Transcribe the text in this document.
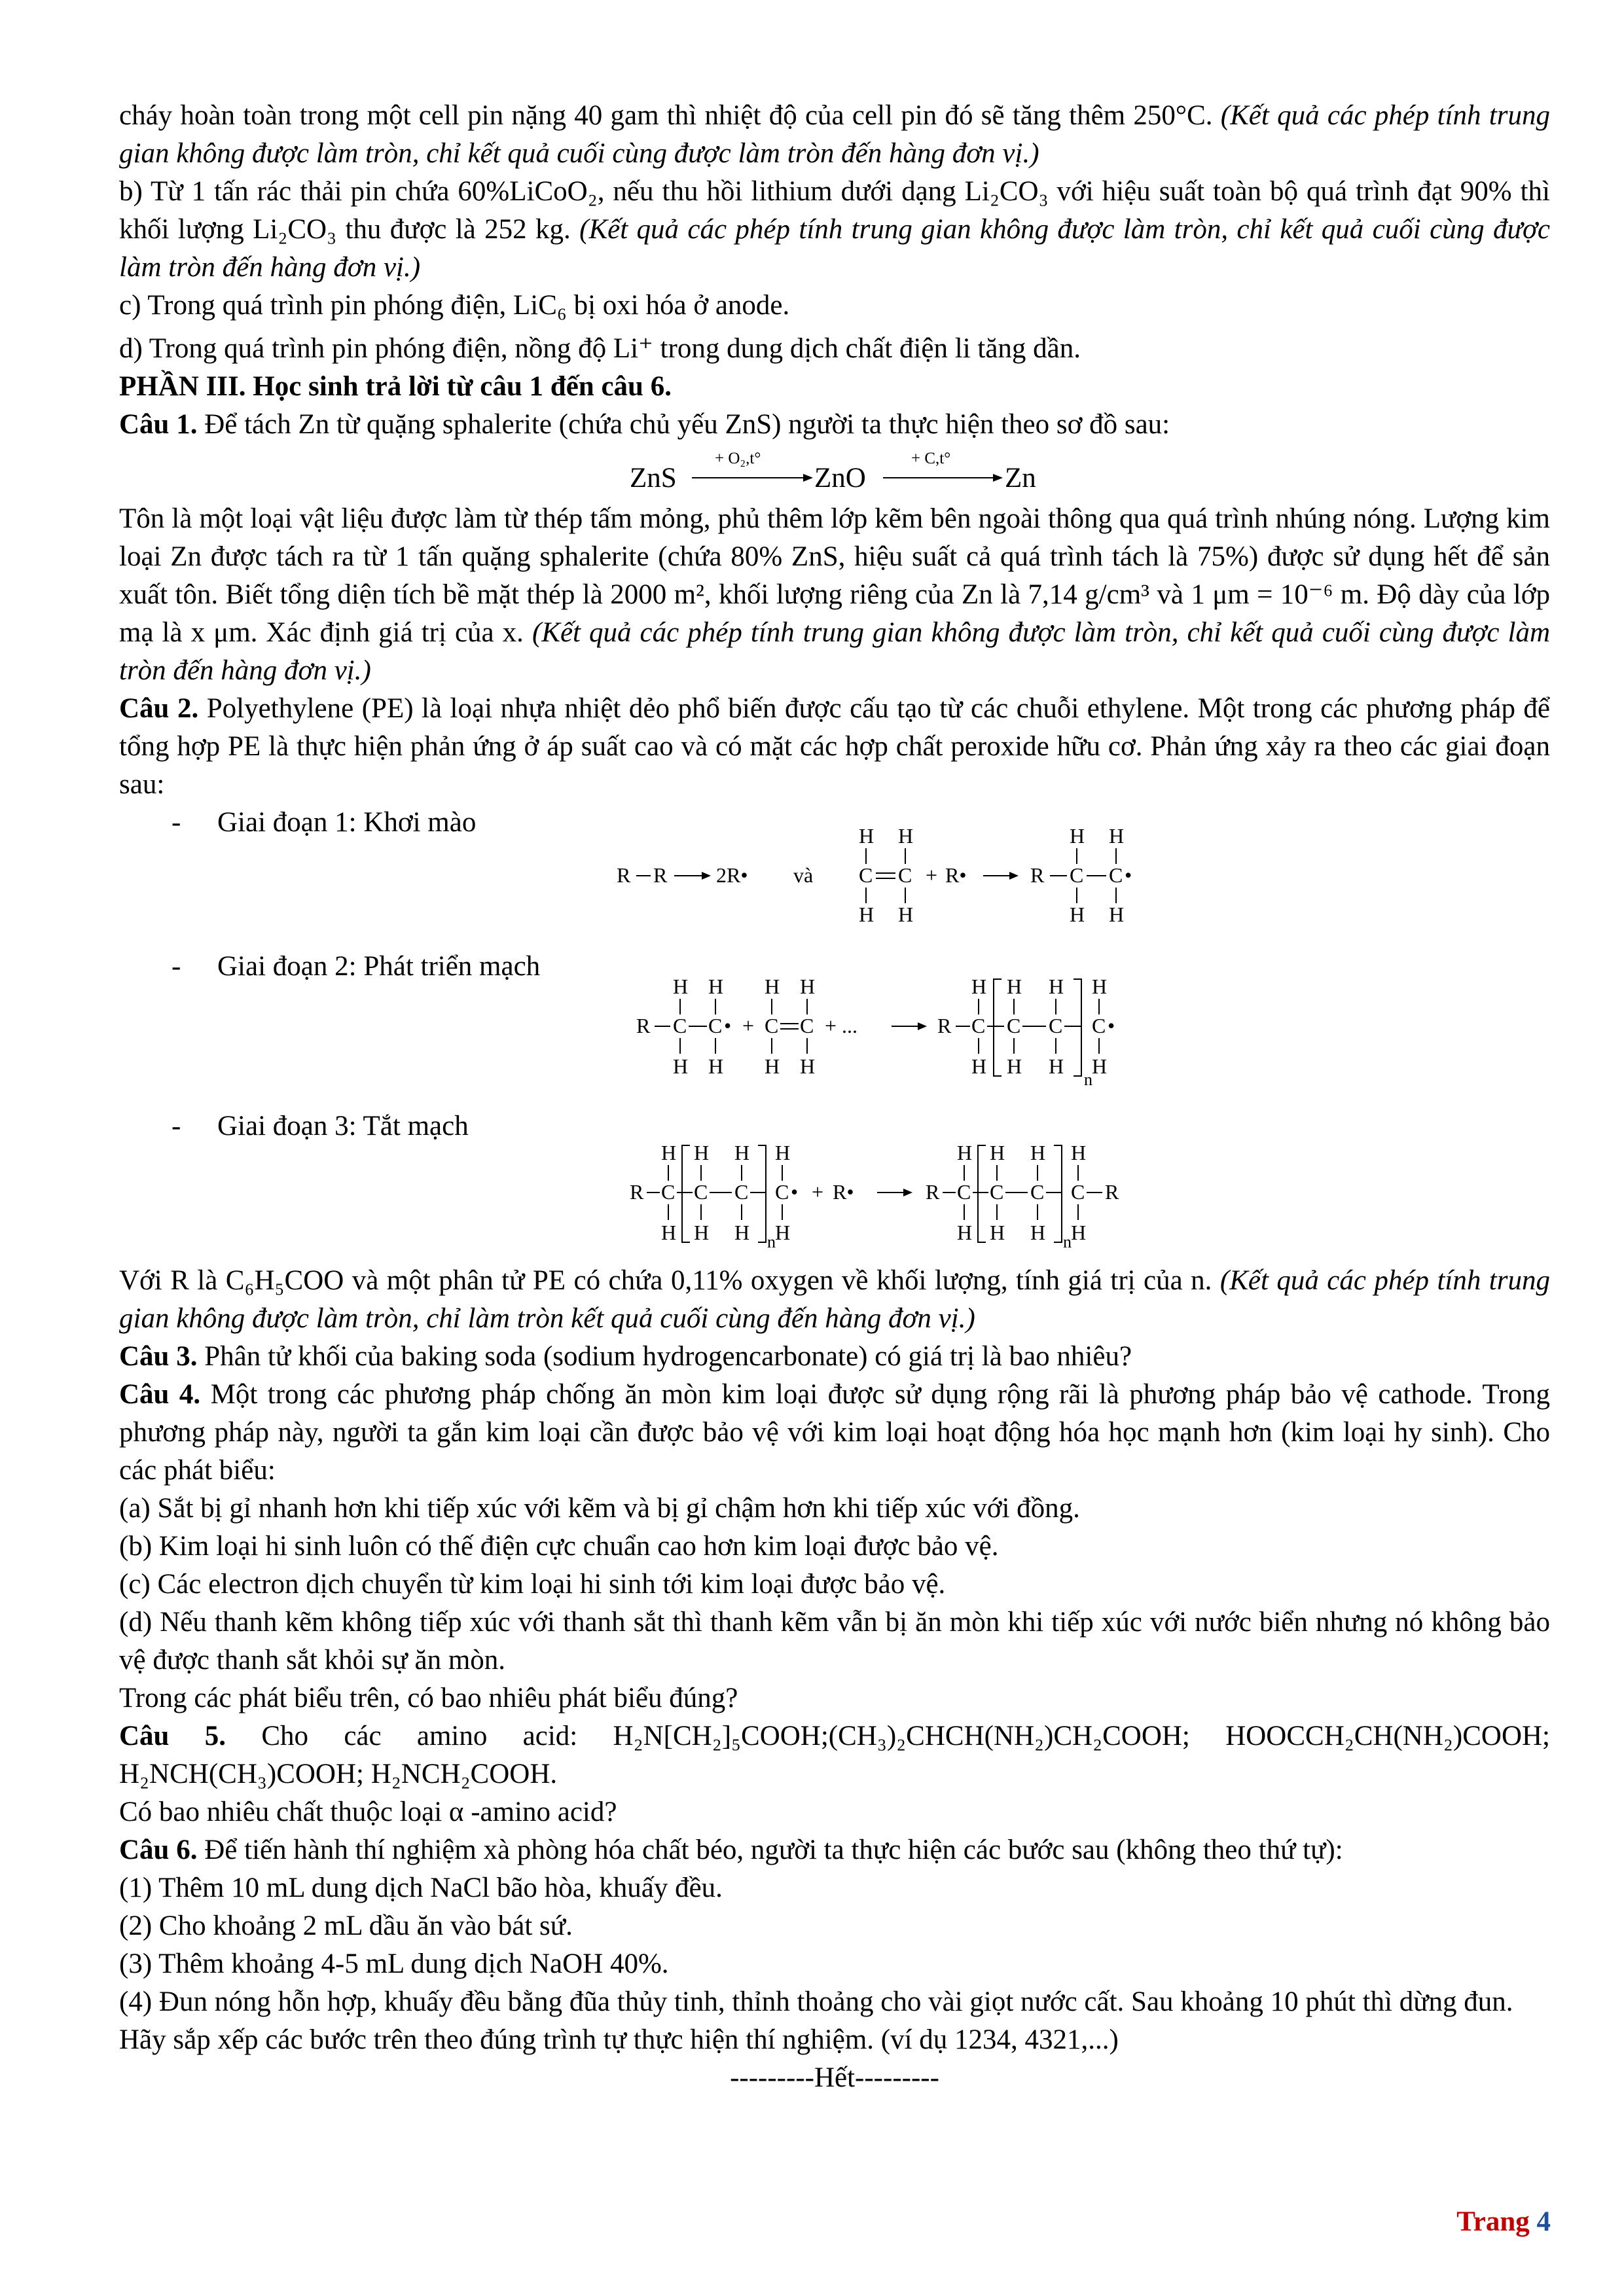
cháy hoàn toàn trong một cell pin nặng 40 gam thì nhiệt độ của cell pin đó sẽ tăng thêm 250°C. (Kết quả các phép tính trung gian không được làm tròn, chỉ kết quả cuối cùng được làm tròn đến hàng đơn vị.)

b) Từ 1 tấn rác thải pin chứa 60%LiCoO₂, nếu thu hồi lithium dưới dạng Li₂CO₃ với hiệu suất toàn bộ quá trình đạt 90% thì khối lượng Li₂CO₃ thu được là 252 kg. (Kết quả các phép tính trung gian không được làm tròn, chỉ kết quả cuối cùng được làm tròn đến hàng đơn vị.)

c) Trong quá trình pin phóng điện, LiC₆ bị oxi hóa ở anode.

d) Trong quá trình pin phóng điện, nồng độ Li⁺ trong dung dịch chất điện li tăng dần.

PHẦN III. Học sinh trả lời từ câu 1 đến câu 6.

Câu 1. Để tách Zn từ quặng sphalerite (chứa chủ yếu ZnS) người ta thực hiện theo sơ đồ sau:

ZnS
+ O₂,t°
ZnO
+ C,t°
Zn

Tôn là một loại vật liệu được làm từ thép tấm mỏng, phủ thêm lớp kẽm bên ngoài thông qua quá trình nhúng nóng. Lượng kim loại Zn được tách ra từ 1 tấn quặng sphalerite (chứa 80% ZnS, hiệu suất cả quá trình tách là 75%) được sử dụng hết để sản xuất tôn. Biết tổng diện tích bề mặt thép là 2000 m², khối lượng riêng của Zn là 7,14 g/cm³ và 1 μm = 10⁻⁶ m. Độ dày của lớp mạ là x μm. Xác định giá trị của x. (Kết quả các phép tính trung gian không được làm tròn, chỉ kết quả cuối cùng được làm tròn đến hàng đơn vị.)

Câu 2. Polyethylene (PE) là loại nhựa nhiệt dẻo phổ biến được cấu tạo từ các chuỗi ethylene. Một trong các phương pháp để tổng hợp PE là thực hiện phản ứng ở áp suất cao và có mặt các hợp chất peroxide hữu cơ. Phản ứng xảy ra theo các giai đoạn sau:

-	Giai đoạn 1: Khơi mào
R R 2R• và
H H
C C
H H
+ R•	R
H H
C C •
H H
-	Giai đoạn 2: Phát triển mạch
R
H H
C C •
H H
+
H H
C C
H H
+ ...	R
H
C
H
H H
C C
H H
n
H
C •
H
-	Giai đoạn 3: Tắt mạch
R
H
C
H
H H
C C
H H n
H
C •
H
+ R•	R
H
C
H
H H
C C
H H n
H
C
H
R

Với R là C₆H₅COO và một phân tử PE có chứa 0,11% oxygen về khối lượng, tính giá trị của n. (Kết quả các phép tính trung gian không được làm tròn, chỉ làm tròn kết quả cuối cùng đến hàng đơn vị.)

Câu 3. Phân tử khối của baking soda (sodium hydrogencarbonate) có giá trị là bao nhiêu?

Câu 4. Một trong các phương pháp chống ăn mòn kim loại được sử dụng rộng rãi là phương pháp bảo vệ cathode. Trong phương pháp này, người ta gắn kim loại cần được bảo vệ với kim loại hoạt động hóa học mạnh hơn (kim loại hy sinh). Cho các phát biểu:

(a) Sắt bị gỉ nhanh hơn khi tiếp xúc với kẽm và bị gỉ chậm hơn khi tiếp xúc với đồng.

(b) Kim loại hi sinh luôn có thế điện cực chuẩn cao hơn kim loại được bảo vệ.

(c) Các electron dịch chuyển từ kim loại hi sinh tới kim loại được bảo vệ.

(d) Nếu thanh kẽm không tiếp xúc với thanh sắt thì thanh kẽm vẫn bị ăn mòn khi tiếp xúc với nước biển nhưng nó không bảo vệ được thanh sắt khỏi sự ăn mòn.

Trong các phát biểu trên, có bao nhiêu phát biểu đúng?

Câu 5. Cho các amino acid: H₂N[CH₂]₅COOH;(CH₃)₂CHCH(NH₂)CH₂COOH; HOOCCH₂CH(NH₂)COOH; H₂NCH(CH₃)COOH; H₂NCH₂COOH.

Có bao nhiêu chất thuộc loại α -amino acid?

Câu 6. Để tiến hành thí nghiệm xà phòng hóa chất béo, người ta thực hiện các bước sau (không theo thứ tự):

(1) Thêm 10 mL dung dịch NaCl bão hòa, khuấy đều.

(2) Cho khoảng 2 mL dầu ăn vào bát sứ.

(3) Thêm khoảng 4-5 mL dung dịch NaOH 40%.

(4) Đun nóng hỗn hợp, khuấy đều bằng đũa thủy tinh, thỉnh thoảng cho vài giọt nước cất. Sau khoảng 10 phút thì dừng đun.

Hãy sắp xếp các bước trên theo đúng trình tự thực hiện thí nghiệm. (ví dụ 1234, 4321,...)

---------Hết---------

Trang 4
